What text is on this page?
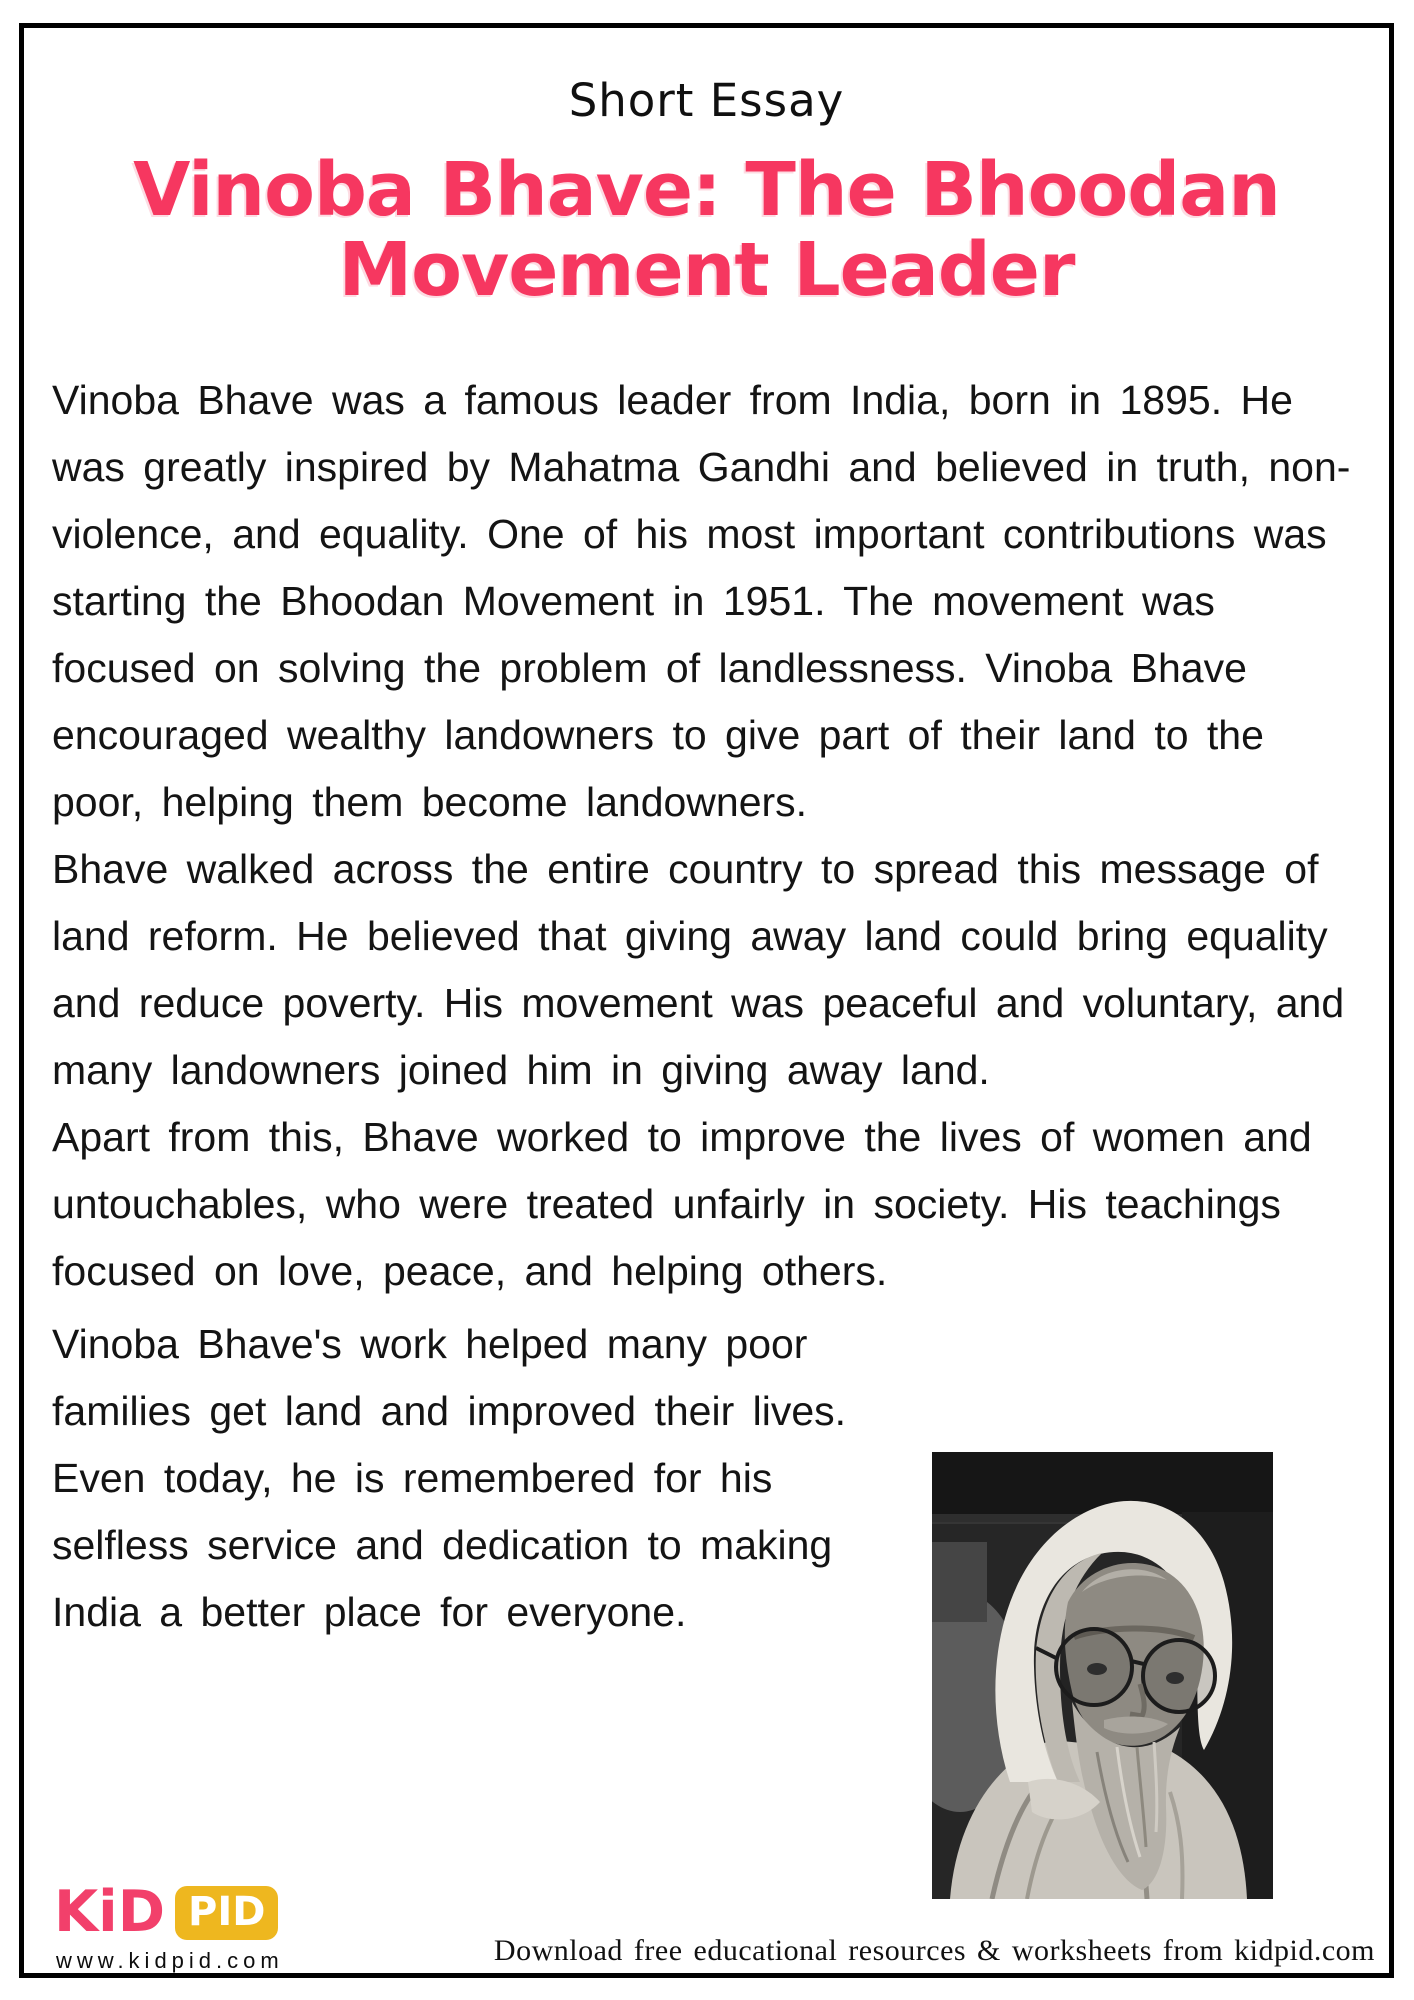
Short Essay
Vinoba Bhave: The Bhoodan
Movement Leader

Vinoba Bhave was a famous leader from India, born in 1895. He was greatly inspired by Mahatma Gandhi and believed in truth, non-violence, and equality. One of his most important contributions was starting the Bhoodan Movement in 1951. The movement was focused on solving the problem of landlessness. Vinoba Bhave encouraged wealthy landowners to give part of their land to the poor, helping them become landowners.

Bhave walked across the entire country to spread this message of land reform. He believed that giving away land could bring equality and reduce poverty. His movement was peaceful and voluntary, and many landowners joined him in giving away land.

Apart from this, Bhave worked to improve the lives of women and untouchables, who were treated unfairly in society. His teachings focused on love, peace, and helping others.

Vinoba Bhave's work helped many poor families get land and improved their lives. Even today, he is remembered for his selfless service and dedication to making India a better place for everyone.

KiD PID
www.kidpid.com	Download free educational resources & worksheets from kidpid.com
